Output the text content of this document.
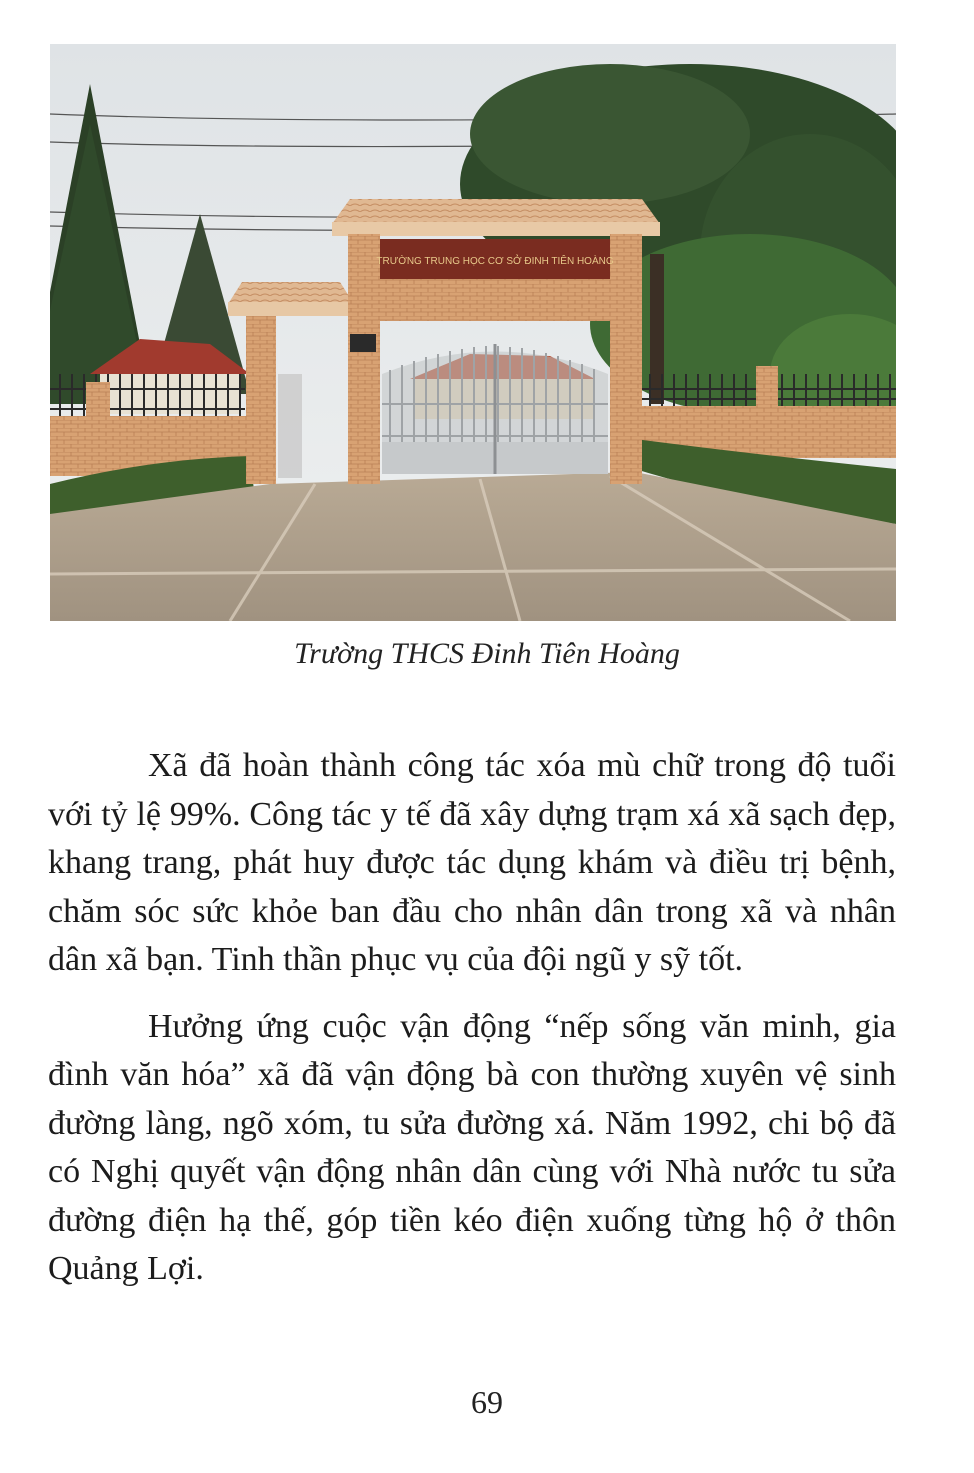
TRƯỜNG TRUNG HỌC CƠ SỞ ĐINH TIÊN HOÀNG
Trường THCS Đinh Tiên Hoàng

Xã đã hoàn thành công tác xóa mù chữ trong độ tuổi với tỷ lệ 99%. Công tác y tế đã xây dựng trạm xá xã sạch đẹp, khang trang, phát huy được tác dụng khám và điều trị bệnh, chăm sóc sức khỏe ban đầu cho nhân dân trong xã và nhân dân xã bạn. Tinh thần phục vụ của đội ngũ y sỹ tốt.

Hưởng ứng cuộc vận động “nếp sống văn minh, gia đình văn hóa” xã đã vận động bà con thường xuyên vệ sinh đường làng, ngõ xóm, tu sửa đường xá. Năm 1992, chi bộ đã có Nghị quyết vận động nhân dân cùng với Nhà nước tu sửa đường điện hạ thế, góp tiền kéo điện xuống từng hộ ở thôn Quảng Lợi.

69
